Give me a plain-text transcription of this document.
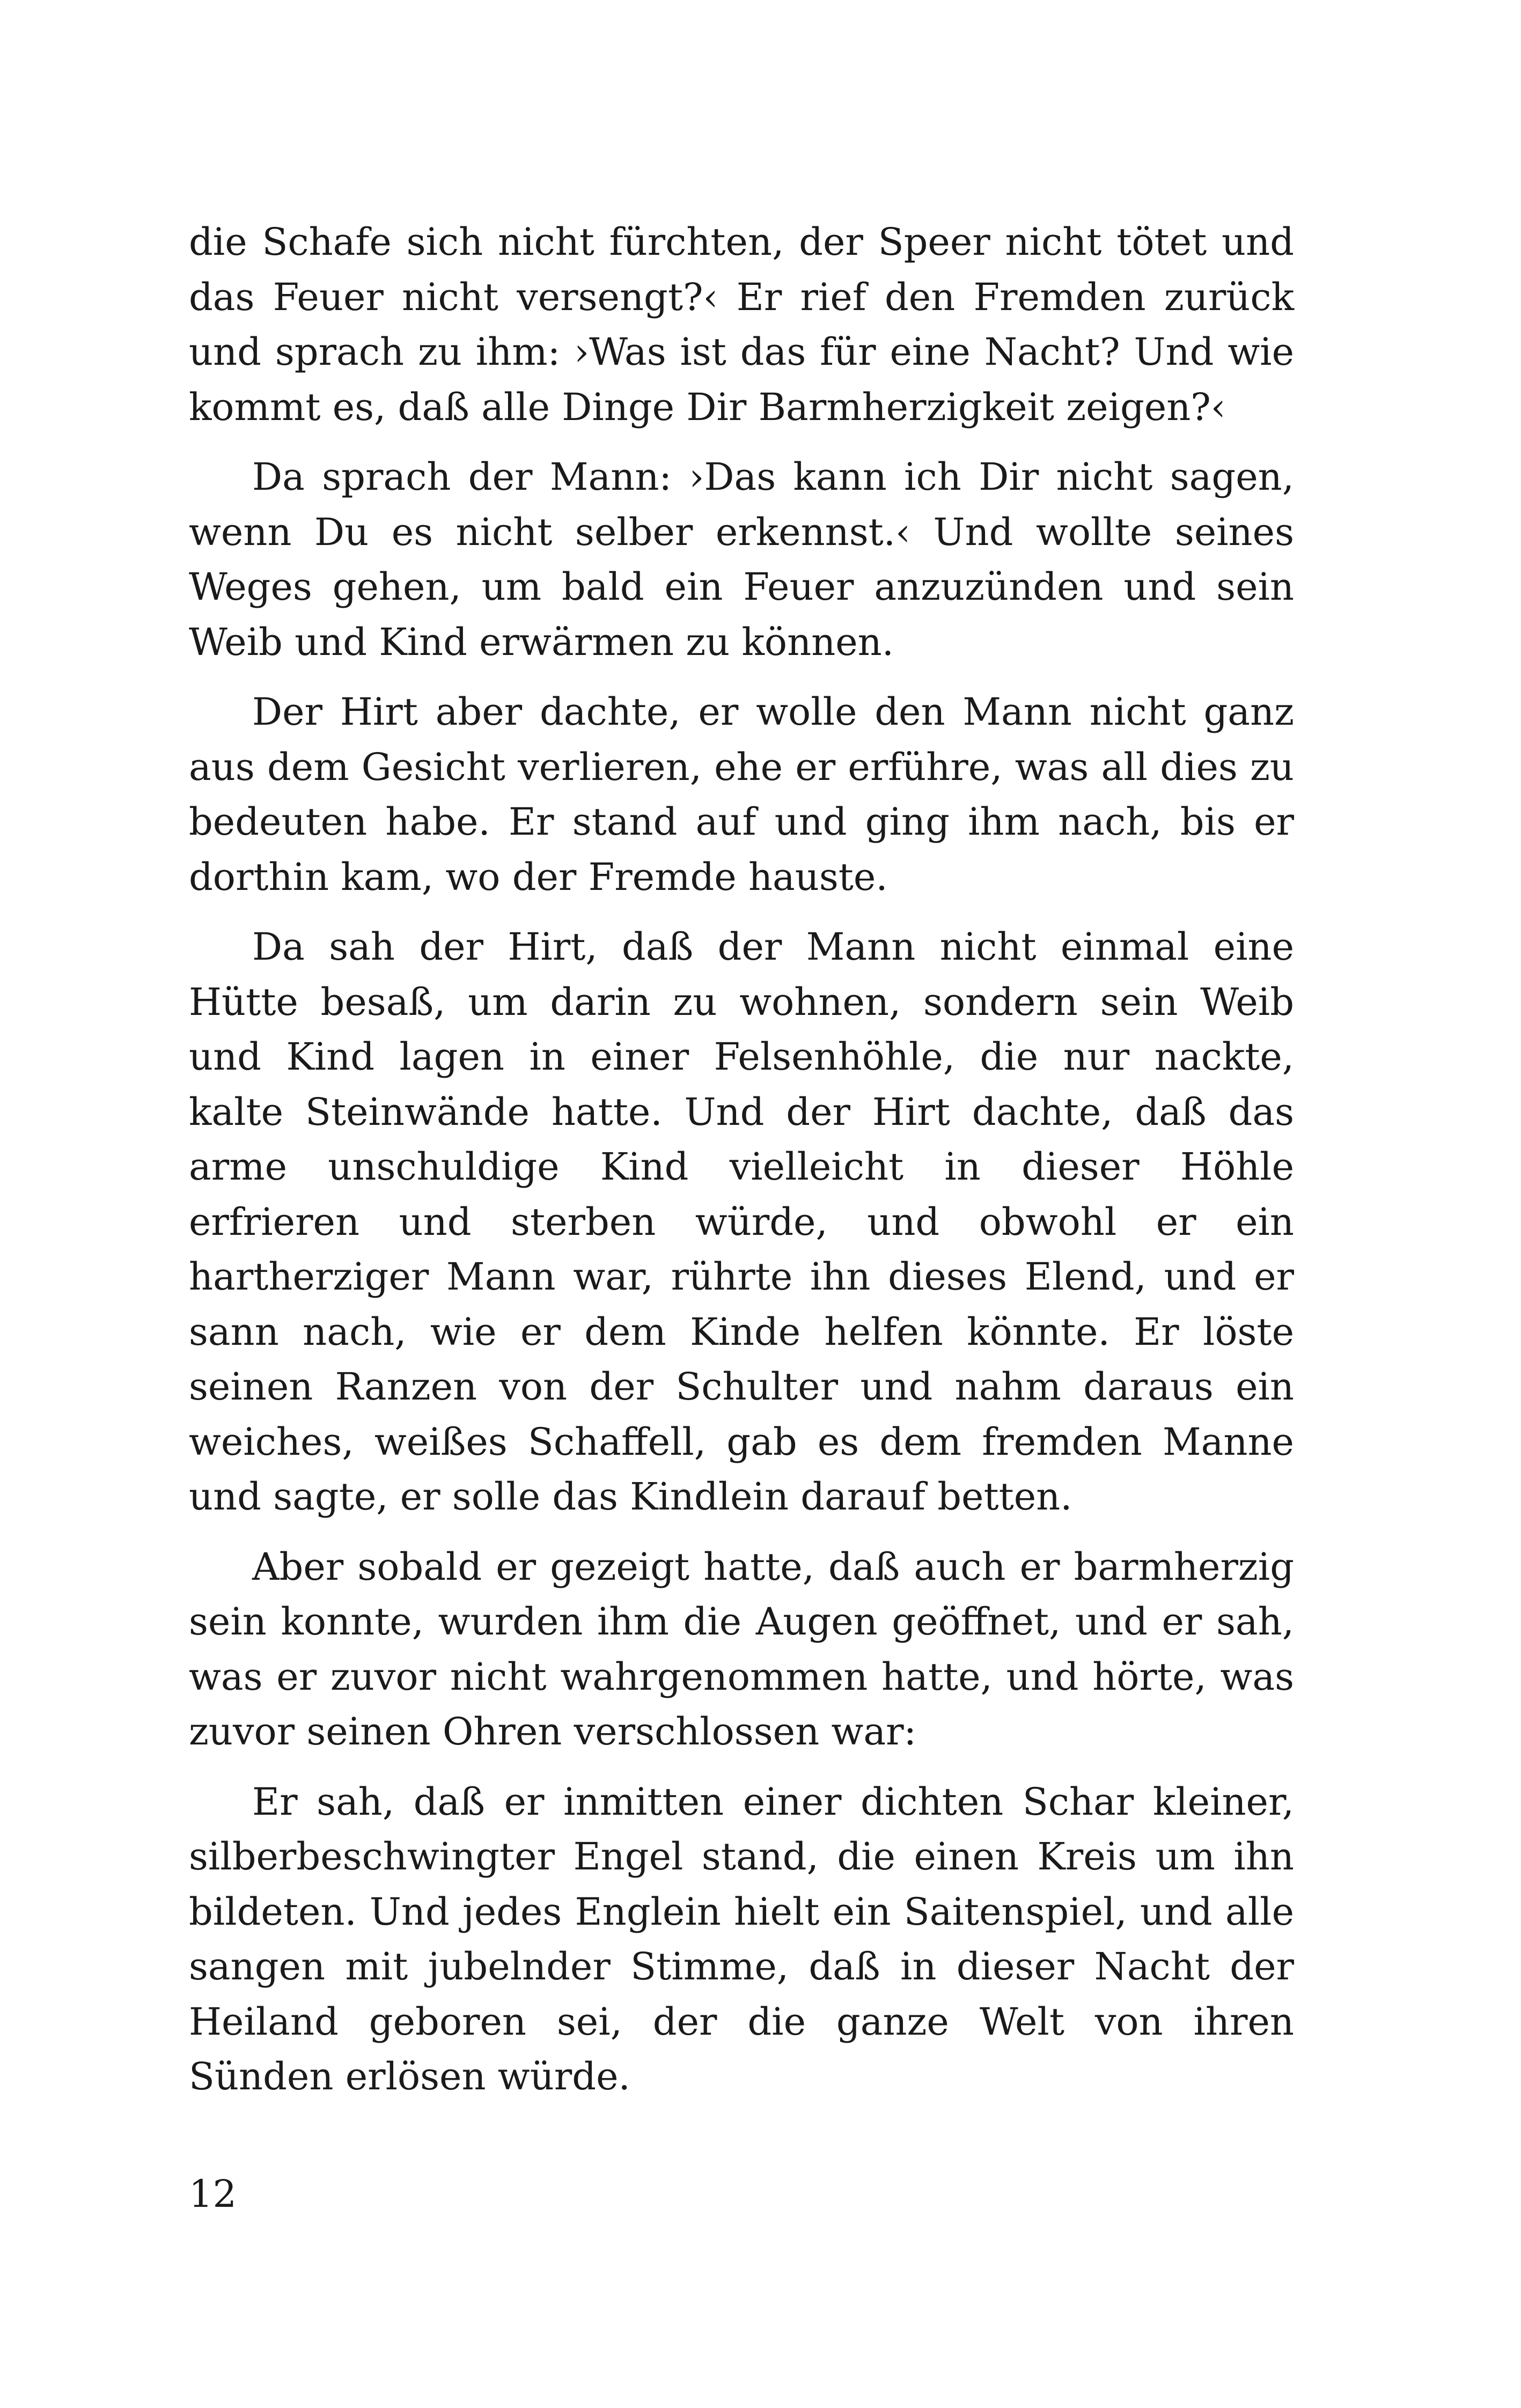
die Schafe sich nicht fürchten, der Speer nicht tötet und das Feuer nicht versengt?‹ Er rief den Fremden zurück und sprach zu ihm: ›Was ist das für eine Nacht? Und wie kommt es, daß alle Dinge Dir Barmherzigkeit zeigen?‹

Da sprach der Mann: ›Das kann ich Dir nicht sagen, wenn Du es nicht selber erkennst.‹ Und wollte seines Weges gehen, um bald ein Feuer anzuzünden und sein Weib und Kind erwärmen zu können.

Der Hirt aber dachte, er wolle den Mann nicht ganz aus dem Gesicht verlieren, ehe er erführe, was all dies zu bedeuten habe. Er stand auf und ging ihm nach, bis er dorthin kam, wo der Fremde hauste.

Da sah der Hirt, daß der Mann nicht einmal eine Hütte besaß, um darin zu wohnen, sondern sein Weib und Kind lagen in einer Felsenhöhle, die nur nackte, kalte Steinwände hatte. Und der Hirt dachte, daß das arme unschuldige Kind vielleicht in dieser Höhle erfrieren und sterben würde, und obwohl er ein hartherziger Mann war, rührte ihn dieses Elend, und er sann nach, wie er dem Kinde helfen könnte. Er löste seinen Ranzen von der Schulter und nahm daraus ein weiches, weißes Schaffell, gab es dem fremden Manne und sagte, er solle das Kindlein darauf betten.

Aber sobald er gezeigt hatte, daß auch er barmherzig sein konnte, wurden ihm die Augen geöffnet, und er sah, was er zuvor nicht wahrgenommen hatte, und hörte, was zuvor seinen Ohren verschlossen war:

Er sah, daß er inmitten einer dichten Schar kleiner, silberbeschwingter Engel stand, die einen Kreis um ihn bildeten. Und jedes Englein hielt ein Saitenspiel, und alle sangen mit jubelnder Stimme, daß in dieser Nacht der Heiland geboren sei, der die ganze Welt von ihren Sünden erlösen würde.

12
